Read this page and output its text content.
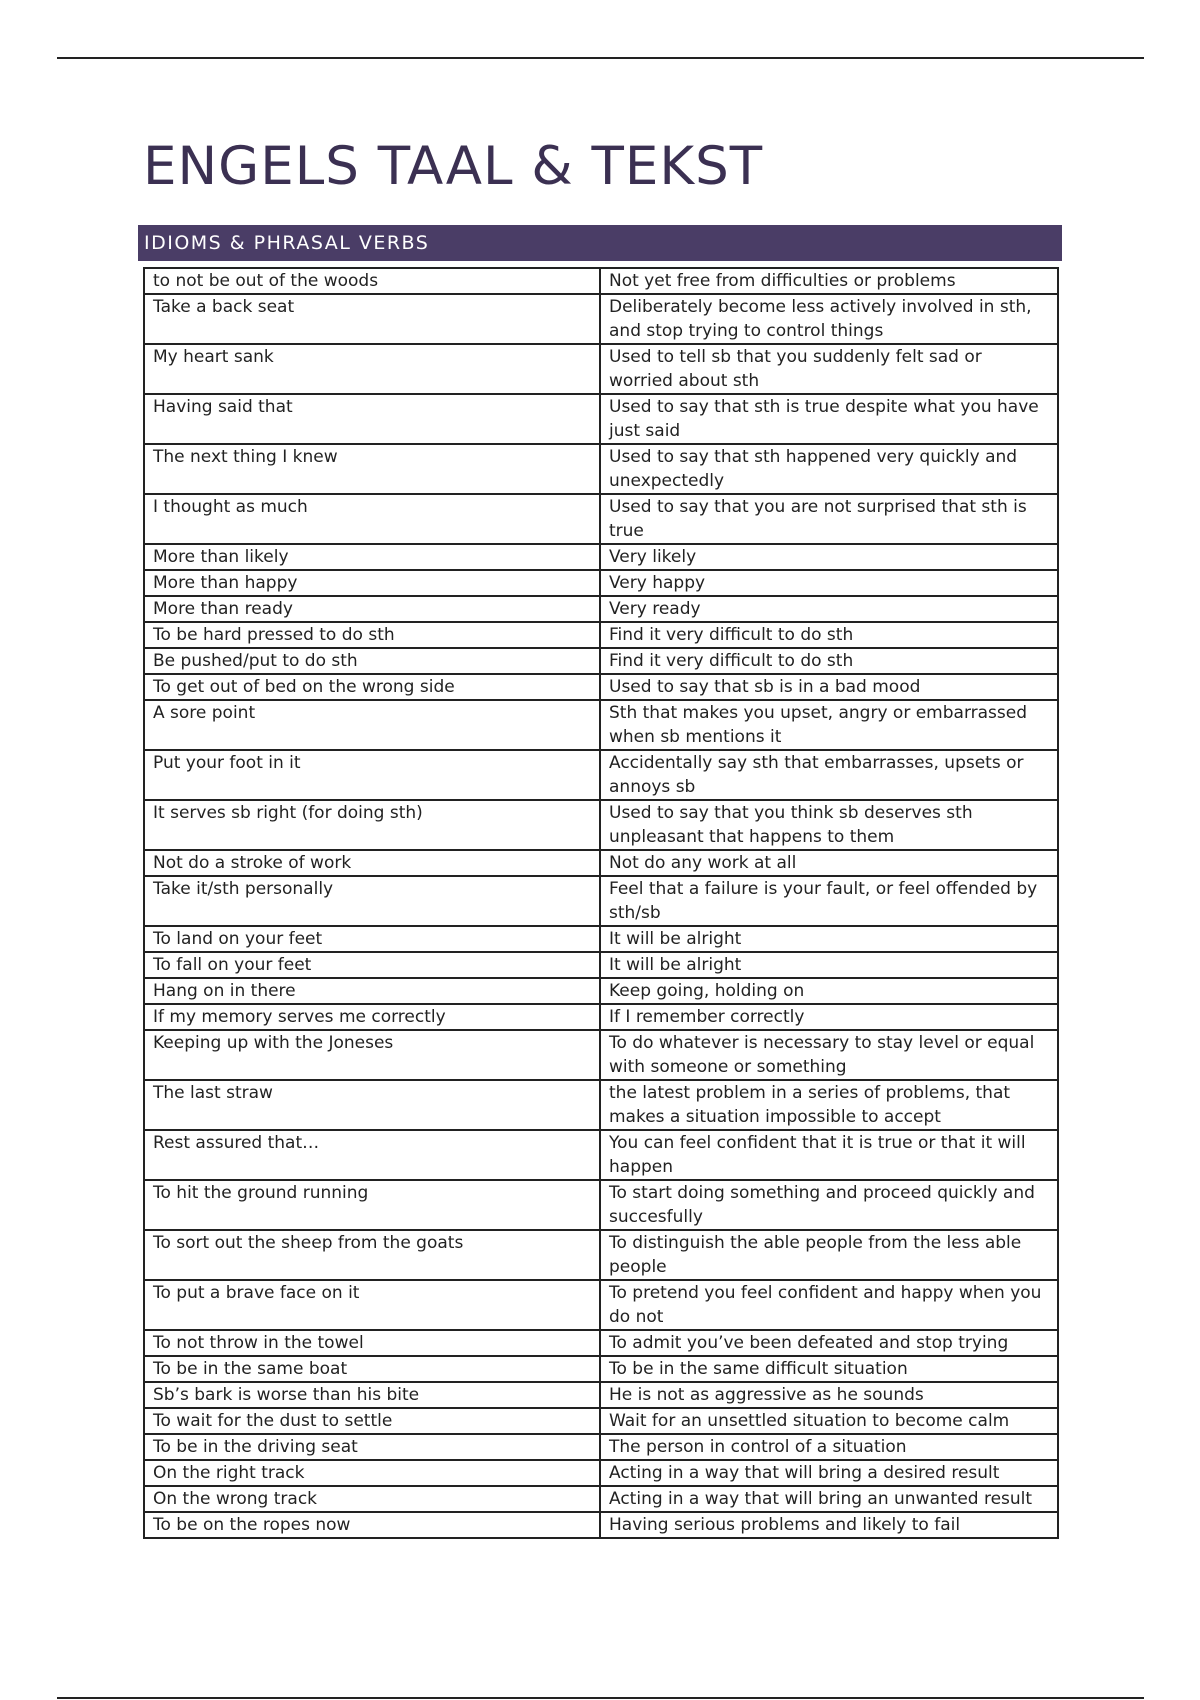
ENGELS TAAL & TEKST
IDIOMS & PHRASAL VERBS
to not be out of the woods	Not yet free from difficulties or problems
Take a back seat	Deliberately become less actively involved in sth, and stop trying to control things
My heart sank	Used to tell sb that you suddenly felt sad or worried about sth
Having said that	Used to say that sth is true despite what you have just said
The next thing I knew	Used to say that sth happened very quickly and unexpectedly
I thought as much	Used to say that you are not surprised that sth is true
More than likely	Very likely
More than happy	Very happy
More than ready	Very ready
To be hard pressed to do sth	Find it very difficult to do sth
Be pushed/put to do sth	Find it very difficult to do sth
To get out of bed on the wrong side	Used to say that sb is in a bad mood
A sore point	Sth that makes you upset, angry or embarrassed when sb mentions it
Put your foot in it	Accidentally say sth that embarrasses, upsets or annoys sb
It serves sb right (for doing sth)	Used to say that you think sb deserves sth unpleasant that happens to them
Not do a stroke of work	Not do any work at all
Take it/sth personally	Feel that a failure is your fault, or feel offended by sth/sb
To land on your feet	It will be alright
To fall on your feet	It will be alright
Hang on in there	Keep going, holding on
If my memory serves me correctly	If I remember correctly
Keeping up with the Joneses	To do whatever is necessary to stay level or equal with someone or something
The last straw	the latest problem in a series of problems, that makes a situation impossible to accept
Rest assured that…	You can feel confident that it is true or that it will happen
To hit the ground running	To start doing something and proceed quickly and succesfully
To sort out the sheep from the goats	To distinguish the able people from the less able people
To put a brave face on it	To pretend you feel confident and happy when you do not
To not throw in the towel	To admit you’ve been defeated and stop trying
To be in the same boat	To be in the same difficult situation
Sb’s bark is worse than his bite	He is not as aggressive as he sounds
To wait for the dust to settle	Wait for an unsettled situation to become calm
To be in the driving seat	The person in control of a situation
On the right track	Acting in a way that will bring a desired result
On the wrong track	Acting in a way that will bring an unwanted result
To be on the ropes now	Having serious problems and likely to fail
